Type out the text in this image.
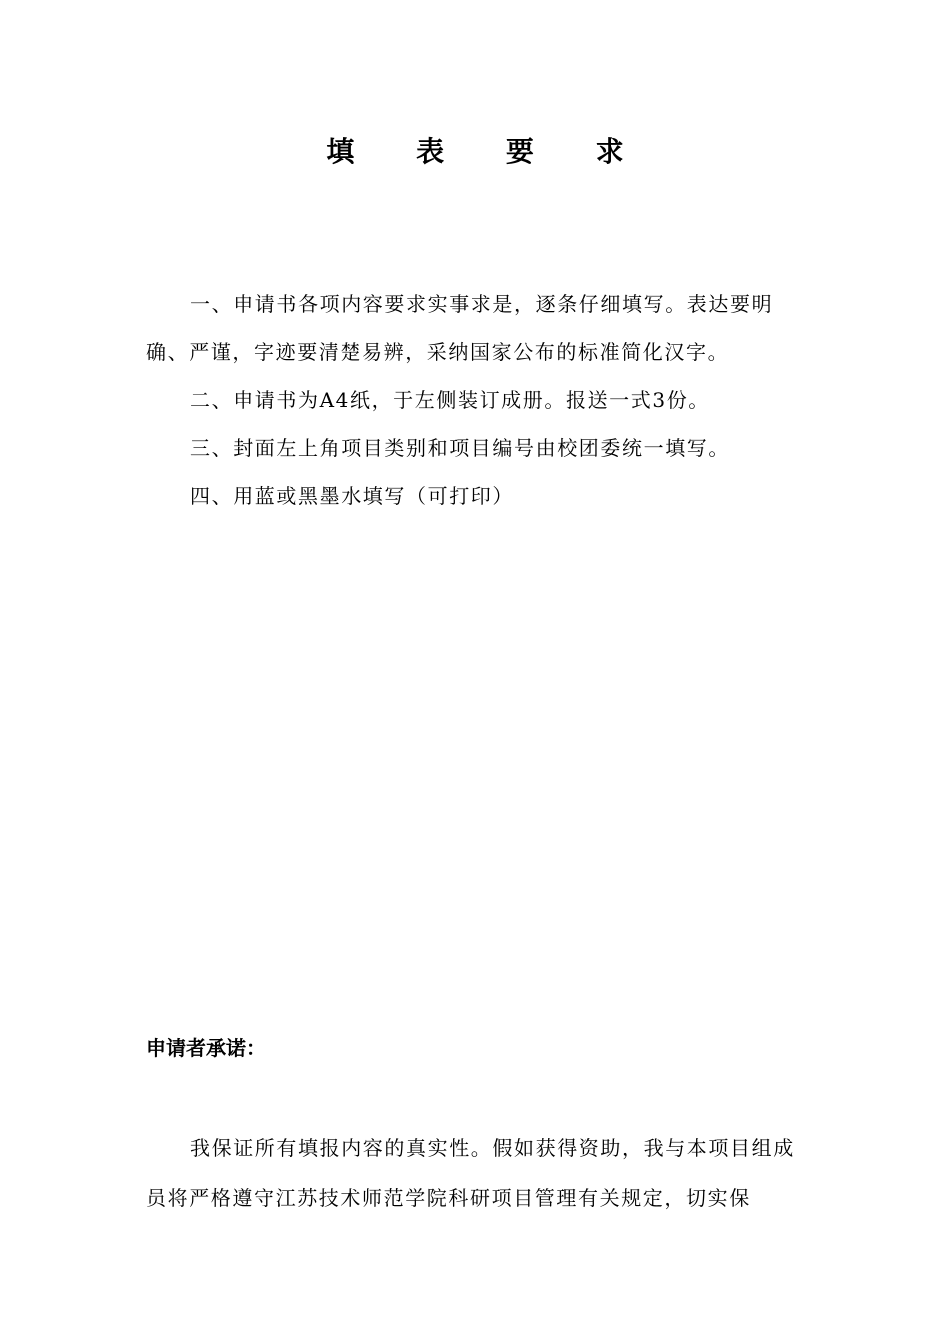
填 表 要 求

一、申请书各项内容要求实事求是，逐条仔细填写。表达要明确、严谨，字迹要清楚易辨，采纳国家公布的标准简化汉字。

二、申请书为A4纸，于左侧装订成册。报送一式3份。

三、封面左上角项目类别和项目编号由校团委统一填写。

四、用蓝或黑墨水填写（可打印）

申请者承诺：

我保证所有填报内容的真实性。假如获得资助，我与本项目组成员将严格遵守江苏技术师范学院科研项目管理有关规定，切实保
